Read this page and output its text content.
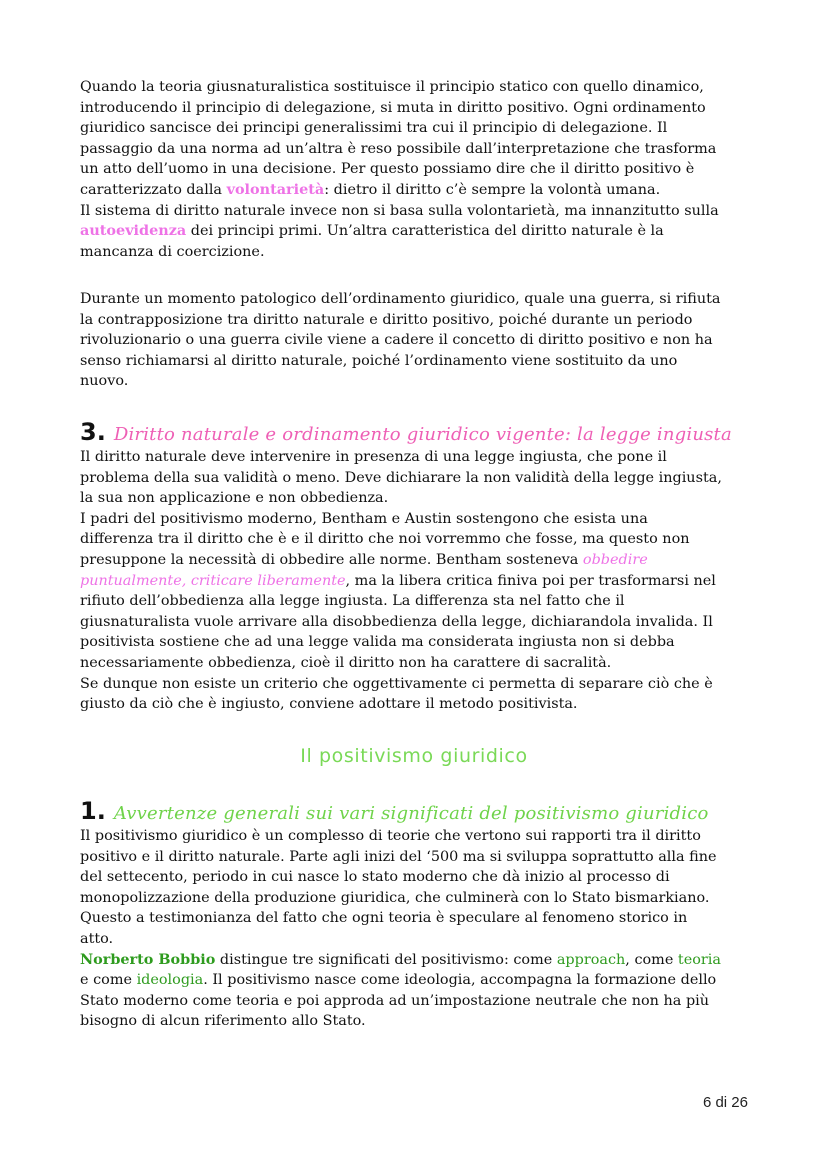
Quando la teoria giusnaturalistica sostituisce il principio statico con quello dinamico,
introducendo il principio di delegazione, si muta in diritto positivo. Ogni ordinamento
giuridico sancisce dei principi generalissimi tra cui il principio di delegazione. Il
passaggio da una norma ad un’altra è reso possibile dall’interpretazione che trasforma
un atto dell’uomo in una decisione. Per questo possiamo dire che il diritto positivo è
caratterizzato dalla volontarietà: dietro il diritto c’è sempre la volontà umana.
Il sistema di diritto naturale invece non si basa sulla volontarietà, ma innanzitutto sulla
autoevidenza dei principi primi. Un’altra caratteristica del diritto naturale è la
mancanza di coercizione.

Durante un momento patologico dell’ordinamento giuridico, quale una guerra, si rifiuta
la contrapposizione tra diritto naturale e diritto positivo, poiché durante un periodo
rivoluzionario o una guerra civile viene a cadere il concetto di diritto positivo e non ha
senso richiamarsi al diritto naturale, poiché l’ordinamento viene sostituito da uno
nuovo.

3. Diritto naturale e ordinamento giuridico vigente: la legge ingiusta

Il diritto naturale deve intervenire in presenza di una legge ingiusta, che pone il
problema della sua validità o meno. Deve dichiarare la non validità della legge ingiusta,
la sua non applicazione e non obbedienza.
I padri del positivismo moderno, Bentham e Austin sostengono che esista una
differenza tra il diritto che è e il diritto che noi vorremmo che fosse, ma questo non
presuppone la necessità di obbedire alle norme. Bentham sosteneva obbedire
puntualmente, criticare liberamente, ma la libera critica finiva poi per trasformarsi nel
rifiuto dell’obbedienza alla legge ingiusta. La differenza sta nel fatto che il
giusnaturalista vuole arrivare alla disobbedienza della legge, dichiarandola invalida. Il
positivista sostiene che ad una legge valida ma considerata ingiusta non si debba
necessariamente obbedienza, cioè il diritto non ha carattere di sacralità.
Se dunque non esiste un criterio che oggettivamente ci permetta di separare ciò che è
giusto da ciò che è ingiusto, conviene adottare il metodo positivista.

Il positivismo giuridico
1. Avvertenze generali sui vari significati del positivismo giuridico

Il positivismo giuridico è un complesso di teorie che vertono sui rapporti tra il diritto
positivo e il diritto naturale. Parte agli inizi del ‘500 ma si sviluppa soprattutto alla fine
del settecento, periodo in cui nasce lo stato moderno che dà inizio al processo di
monopolizzazione della produzione giuridica, che culminerà con lo Stato bismarkiano.
Questo a testimonianza del fatto che ogni teoria è speculare al fenomeno storico in
atto.
Norberto Bobbio distingue tre significati del positivismo: come approach, come teoria
e come ideologia. Il positivismo nasce come ideologia, accompagna la formazione dello
Stato moderno come teoria e poi approda ad un’impostazione neutrale che non ha più
bisogno di alcun riferimento allo Stato.

6 di 26
